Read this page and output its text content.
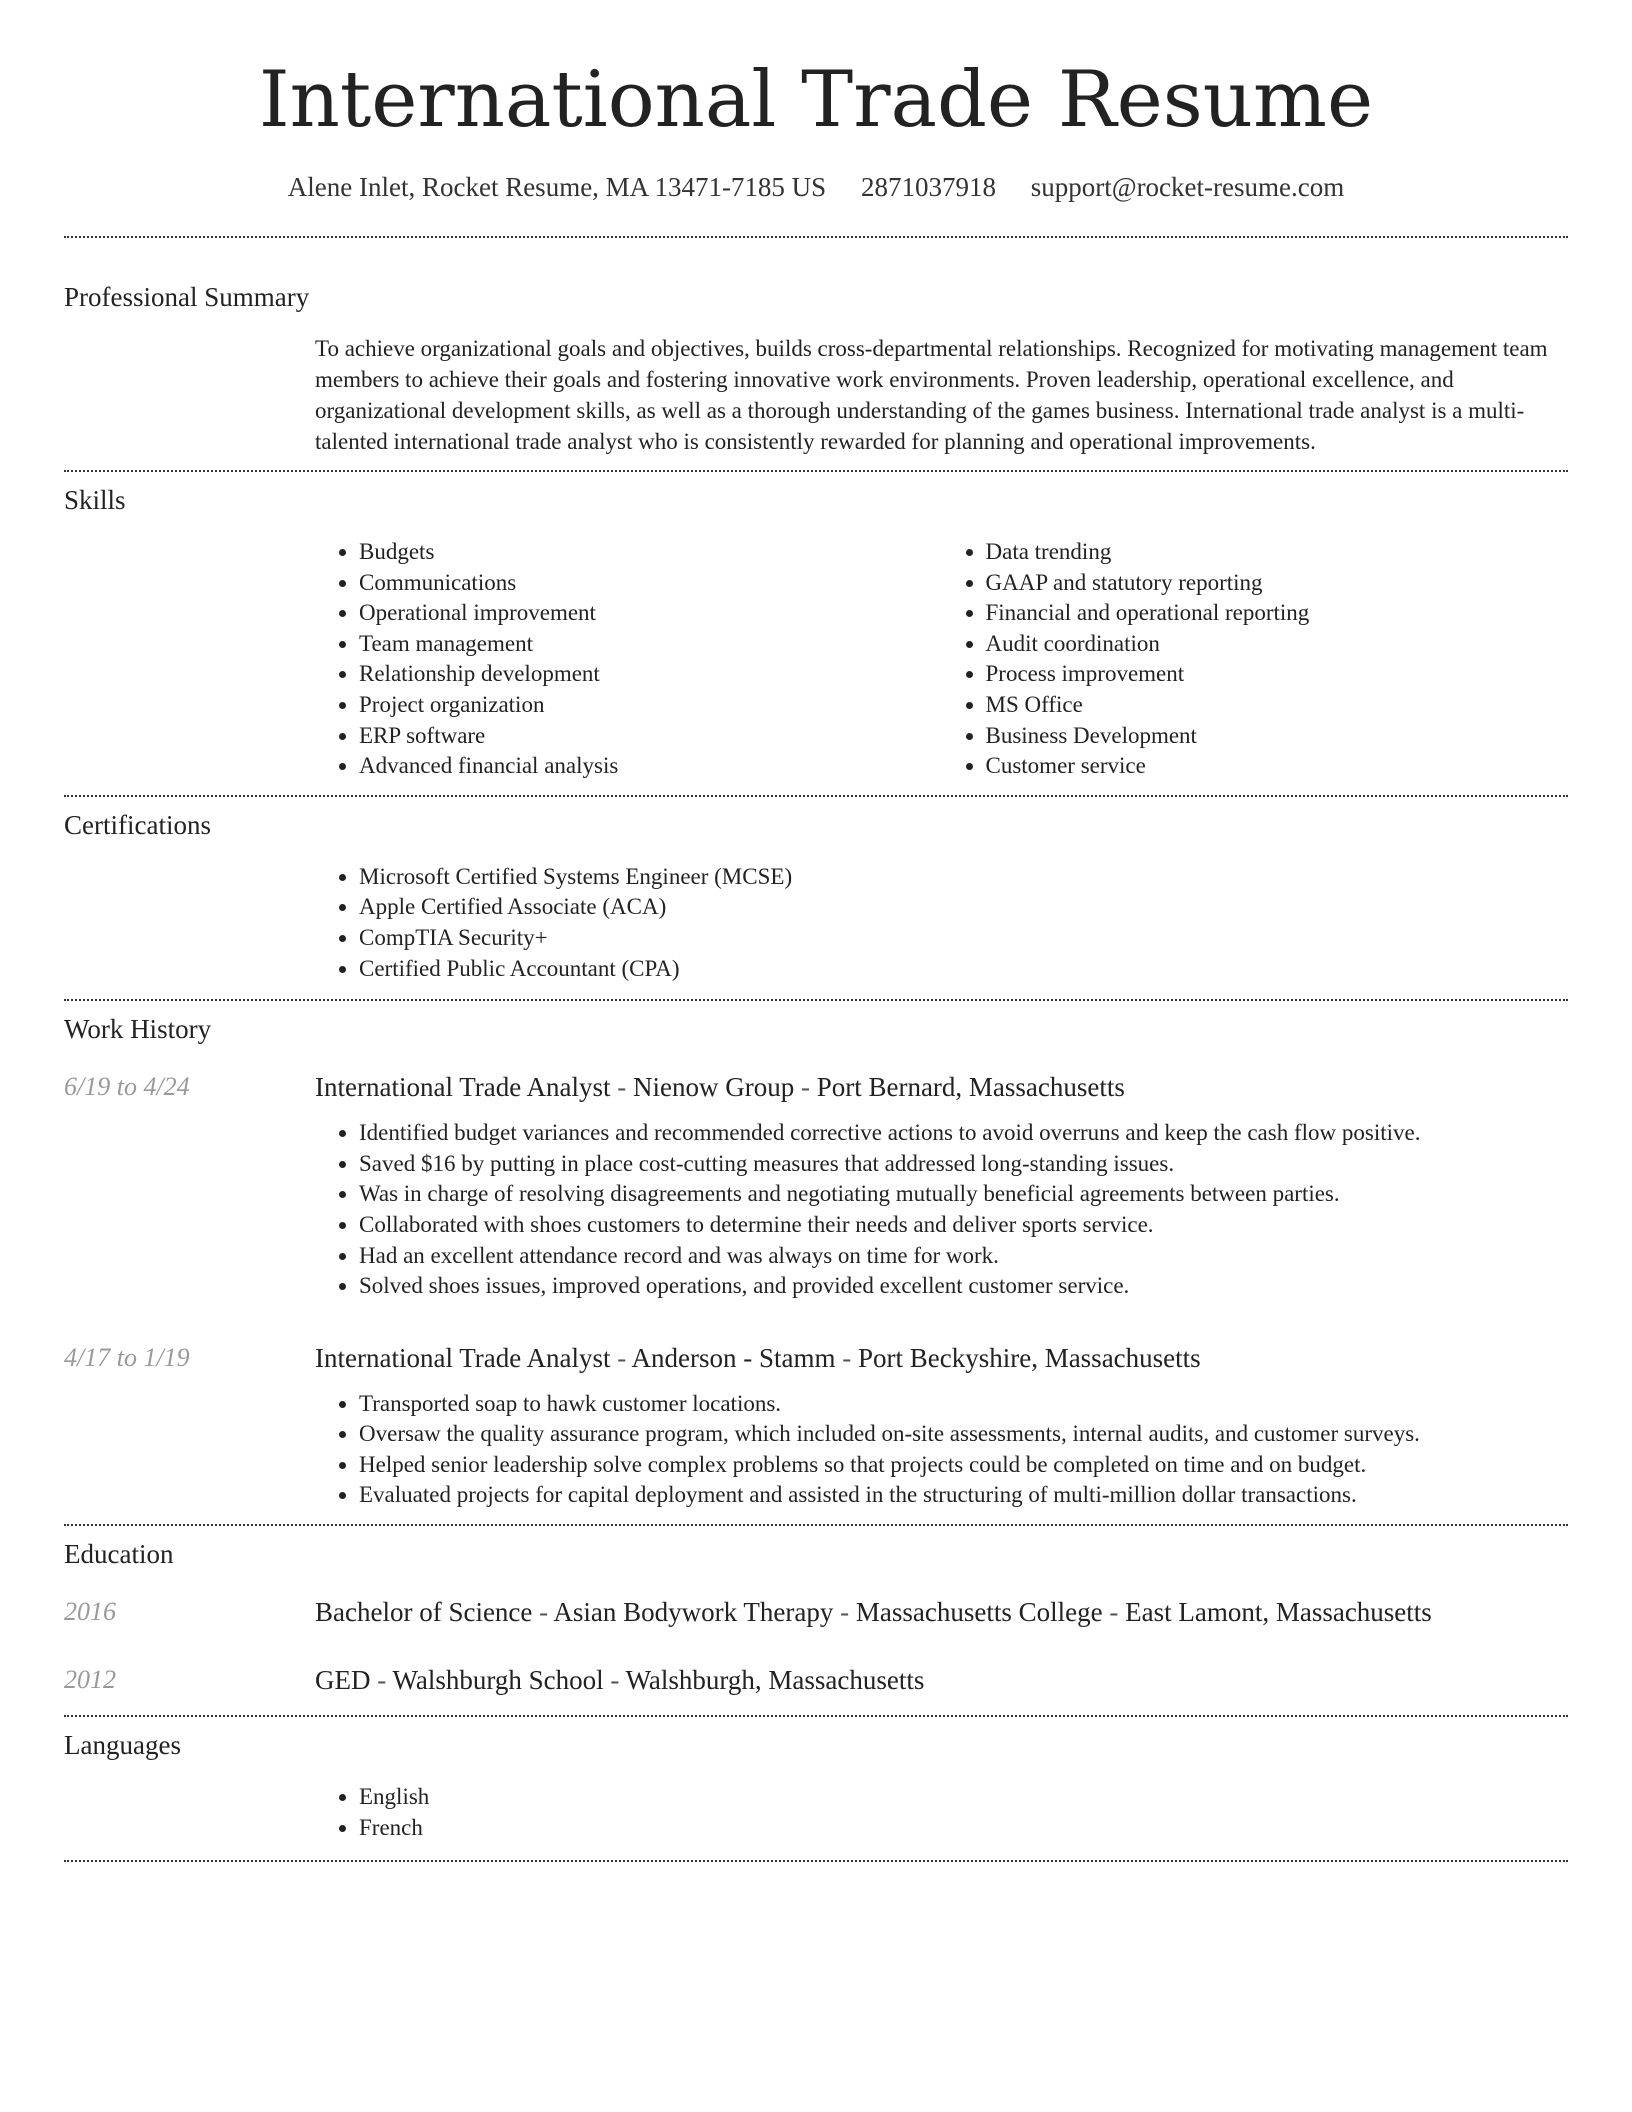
International Trade Resume
Alene Inlet, Rocket Resume, MA 13471-7185 US 2871037918 support@rocket-resume.com
Professional Summary

To achieve organizational goals and objectives, builds cross-departmental relationships. Recognized for motivating management team members to achieve their goals and fostering innovative work environments. Proven leadership, operational excellence, and organizational development skills, as well as a thorough understanding of the games business. International trade analyst is a multi-talented international trade analyst who is consistently rewarded for planning and operational improvements.

Skills
• Budgets
• Communications
• Operational improvement
• Team management
• Relationship development
• Project organization
• ERP software
• Advanced financial analysis
• Data trending
• GAAP and statutory reporting
• Financial and operational reporting
• Audit coordination
• Process improvement
• MS Office
• Business Development
• Customer service
Certifications
• Microsoft Certified Systems Engineer (MCSE)
• Apple Certified Associate (ACA)
• CompTIA Security+
• Certified Public Accountant (CPA)
Work History
6/19 to 4/24	International Trade Analyst - Nienow Group - Port Bernard, Massachusetts
• Identified budget variances and recommended corrective actions to avoid overruns and keep the cash flow positive.
• Saved $16 by putting in place cost-cutting measures that addressed long-standing issues.
• Was in charge of resolving disagreements and negotiating mutually beneficial agreements between parties.
• Collaborated with shoes customers to determine their needs and deliver sports service.
• Had an excellent attendance record and was always on time for work.
• Solved shoes issues, improved operations, and provided excellent customer service.
4/17 to 1/19	International Trade Analyst - Anderson - Stamm - Port Beckyshire, Massachusetts
• Transported soap to hawk customer locations.
• Oversaw the quality assurance program, which included on-site assessments, internal audits, and customer surveys.
• Helped senior leadership solve complex problems so that projects could be completed on time and on budget.
• Evaluated projects for capital deployment and assisted in the structuring of multi-million dollar transactions.
Education
2016	Bachelor of Science - Asian Bodywork Therapy - Massachusetts College - East Lamont, Massachusetts
2012	GED - Walshburgh School - Walshburgh, Massachusetts
Languages
• English
• French
